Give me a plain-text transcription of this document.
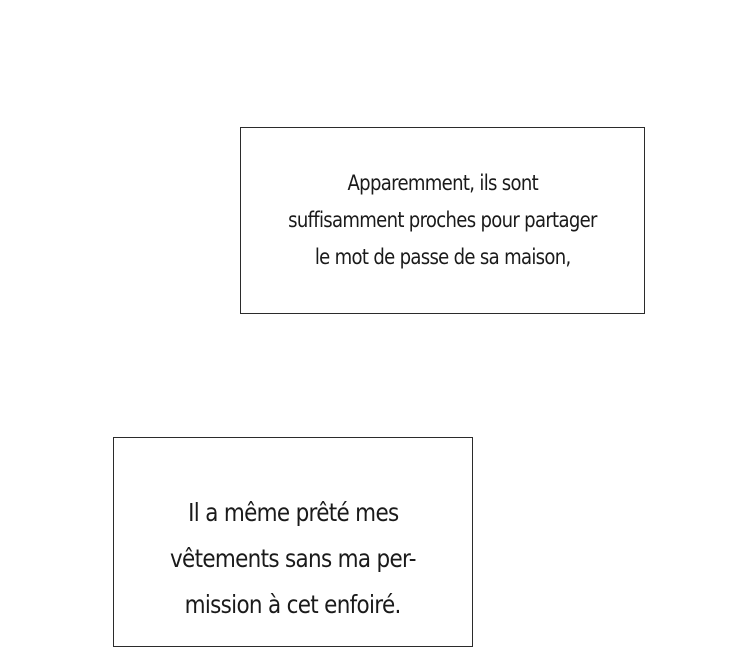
Apparemment, ils sont
suffisamment proches pour partager
le mot de passe de sa maison,
Il a même prêté mes
vêtements sans ma per-
mission à cet enfoiré.
